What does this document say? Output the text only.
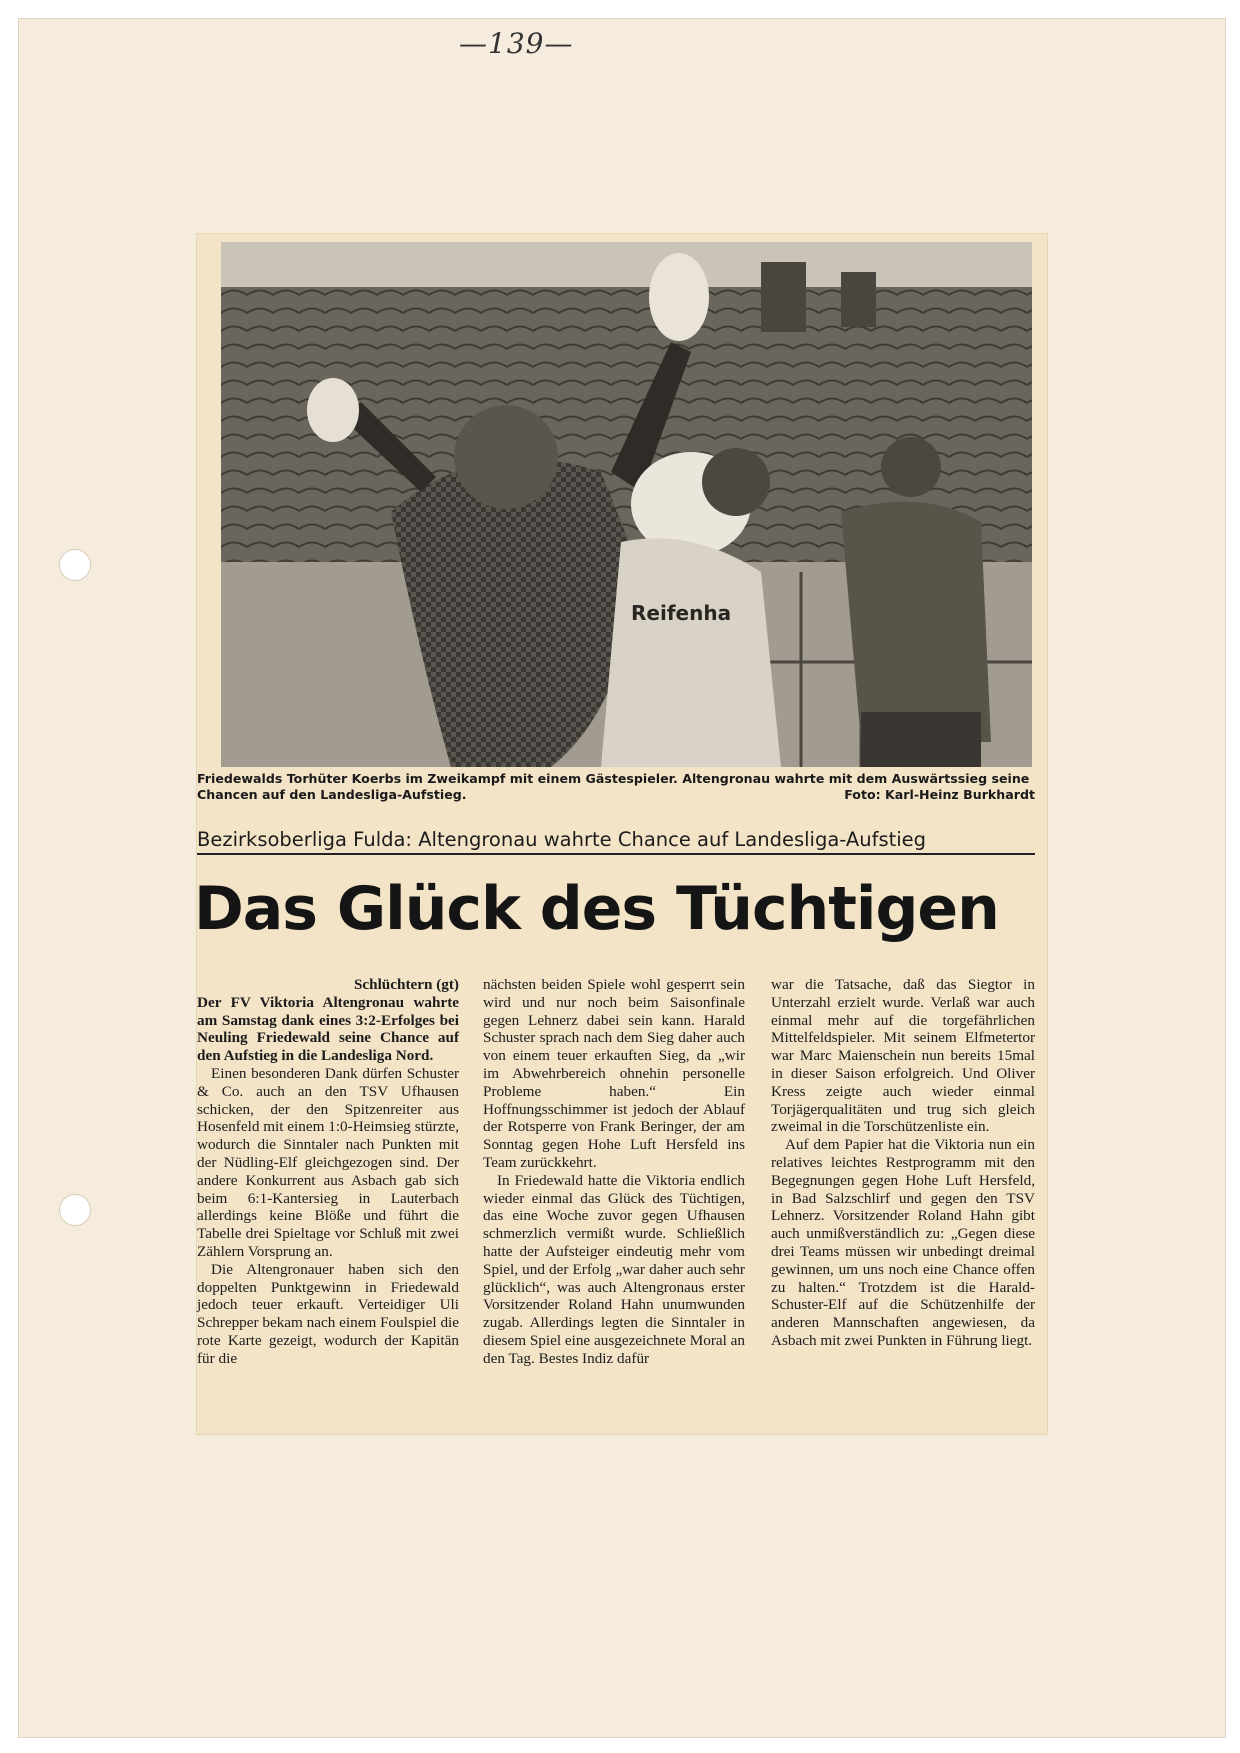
—139—
Reifenha
Friedewalds Torhüter Koerbs im Zweikampf mit einem Gästespieler. Altengronau wahrte mit dem Auswärtssieg seine Chancen auf den Landesliga-Aufstieg.	Foto: Karl-Heinz Burkhardt
Bezirksoberliga Fulda: Altengronau wahrte Chance auf Landesliga-Aufstieg
Das Glück des Tüchtigen

Schlüchtern (gt)

Der FV Viktoria Altengronau wahrte am Samstag dank eines 3:2-Erfolges bei Neuling Friedewald seine Chance auf den Aufstieg in die Landesliga Nord.

Einen besonderen Dank dürfen Schuster & Co. auch an den TSV Ufhausen schicken, der den Spitzenreiter aus Hosenfeld mit einem 1:0-Heimsieg stürzte, wodurch die Sinntaler nach Punkten mit der Nüdling-Elf gleichgezogen sind. Der andere Konkurrent aus Asbach gab sich beim 6:1-Kantersieg in Lauterbach allerdings keine Blöße und führt die Tabelle drei Spieltage vor Schluß mit zwei Zählern Vorsprung an.

Die Altengronauer haben sich den doppelten Punktgewinn in Friedewald jedoch teuer erkauft. Verteidiger Uli Schrepper bekam nach einem Foulspiel die rote Karte gezeigt, wodurch der Kapitän für die

nächsten beiden Spiele wohl gesperrt sein wird und nur noch beim Saisonfinale gegen Lehnerz dabei sein kann. Harald Schuster sprach nach dem Sieg daher auch von einem teuer erkauften Sieg, da „wir im Abwehrbereich ohnehin personelle Probleme haben.“ Ein Hoffnungsschimmer ist jedoch der Ablauf der Rotsperre von Frank Beringer, der am Sonntag gegen Hohe Luft Hersfeld ins Team zurückkehrt.

In Friedewald hatte die Viktoria endlich wieder einmal das Glück des Tüchtigen, das eine Woche zuvor gegen Ufhausen schmerzlich vermißt wurde. Schließlich hatte der Aufsteiger eindeutig mehr vom Spiel, und der Erfolg „war daher auch sehr glücklich“, was auch Altengronaus erster Vorsitzender Roland Hahn unumwunden zugab. Allerdings legten die Sinntaler in diesem Spiel eine ausgezeichnete Moral an den Tag. Bestes Indiz dafür

war die Tatsache, daß das Siegtor in Unterzahl erzielt wurde. Verlaß war auch einmal mehr auf die torgefährlichen Mittelfeldspieler. Mit seinem Elfmetertor war Marc Maienschein nun bereits 15mal in dieser Saison erfolgreich. Und Oliver Kress zeigte auch wieder einmal Torjägerqualitäten und trug sich gleich zweimal in die Torschützenliste ein.

Auf dem Papier hat die Viktoria nun ein relatives leichtes Restprogramm mit den Begegnungen gegen Hohe Luft Hersfeld, in Bad Salzschlirf und gegen den TSV Lehnerz. Vorsitzender Roland Hahn gibt auch unmißverständlich zu: „Gegen diese drei Teams müssen wir unbedingt dreimal gewinnen, um uns noch eine Chance offen zu halten.“ Trotzdem ist die Harald-Schuster-Elf auf die Schützenhilfe der anderen Mannschaften angewiesen, da Asbach mit zwei Punkten in Führung liegt.
